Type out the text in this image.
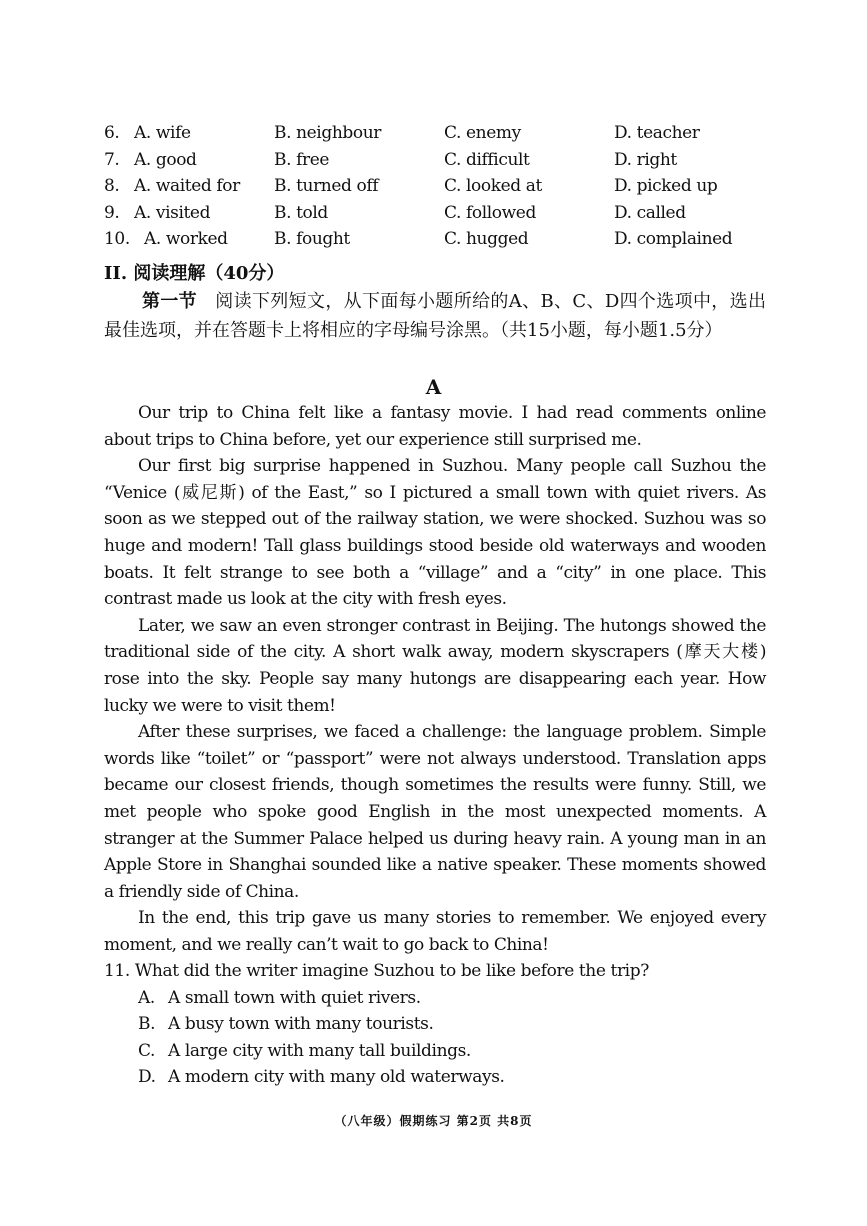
6. A. wife	B. neighbour	C. enemy	D. teacher
7. A. good	B. free	C. difficult	D. right
8. A. waited for B. turned off	C. looked at	D. picked up
9. A. visited	B. told	C. followed	D. called
10. A. worked	B. fought	C. hugged	D. complained
II. 阅读理解（40分）
第一节 阅读下列短文，从下面每小题所给的A、B、C、D四个选项中，选出最佳选项，并在答题卡上将相应的字母编号涂黑。（共15小题，每小题1.5分）
A

Our trip to China felt like a fantasy movie. I had read comments online about trips to China before, yet our experience still surprised me.

Our first big surprise happened in Suzhou. Many people call Suzhou the “Venice (威尼斯) of the East,” so I pictured a small town with quiet rivers. As soon as we stepped out of the railway station, we were shocked. Suzhou was so huge and modern! Tall glass buildings stood beside old waterways and wooden boats. It felt strange to see both a “village” and a “city” in one place. This contrast made us look at the city with fresh eyes.

Later, we saw an even stronger contrast in Beijing. The hutongs showed the traditional side of the city. A short walk away, modern skyscrapers (摩天大楼) rose into the sky. People say many hutongs are disappearing each year. How lucky we were to visit them!

After these surprises, we faced a challenge: the language problem. Simple words like “toilet” or “passport” were not always understood. Translation apps became our closest friends, though sometimes the results were funny. Still, we met people who spoke good English in the most unexpected moments. A stranger at the Summer Palace helped us during heavy rain. A young man in an Apple Store in Shanghai sounded like a native speaker. These moments showed a friendly side of China.

In the end, this trip gave us many stories to remember. We enjoyed every moment, and we really can’t wait to go back to China!

11. What did the writer imagine Suzhou to be like before the trip?

A. A small town with quiet rivers.

B. A busy town with many tourists.

C. A large city with many tall buildings.

D. A modern city with many old waterways.

（八年级）假期练习 第2页 共8页
